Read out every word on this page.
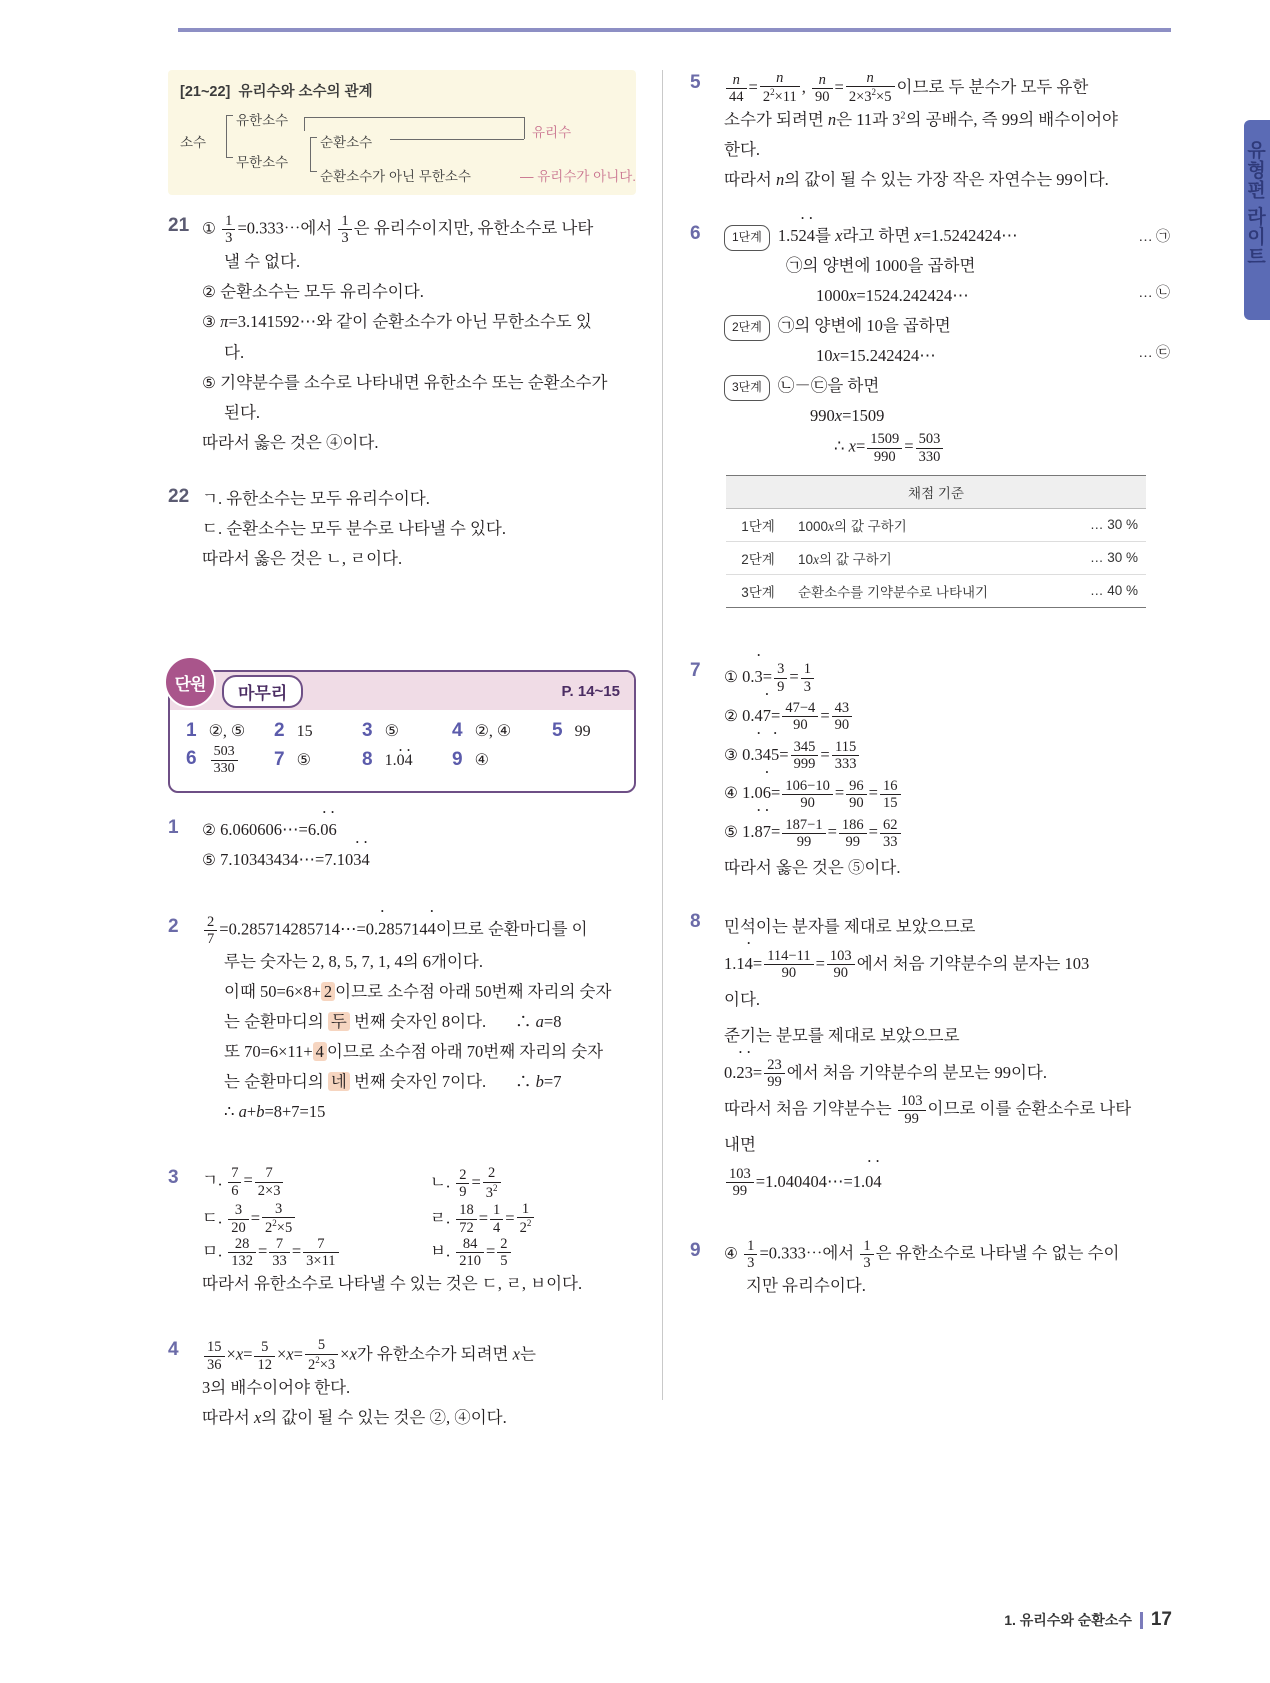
유형편 라이트
[21~22] 유리수와 소수의 관계
소수
유한소수
무한소수
순환소수
유리수
순환소수가 아닌 무한소수	— 유리수가 아니다.
21 ① $\frac{1}{3}$ =0.333⋯에서 $\frac{1}{3}$ 은 유리수이지만, 유한소수로 나타
낼 수 없다.
② 순환소수는 모두 유리수이다.
③ π=3.141592⋯와 같이 순환소수가 아닌 무한소수도 있
다.
⑤ 기약분수를 소수로 나타내면 유한소수 또는 순환소수가
된다.
따라서 옳은 것은 ④이다.
22 ㄱ. 유한소수는 모두 유리수이다.
ㄷ. 순환소수는 모두 분수로 나타낼 수 있다.
따라서 옳은 것은 ㄴ, ㄹ이다.
단원	마무리	P. 14~15
1 ②, ⑤ 2 15	3 ⑤	4 ②, ④ 5 99
$6 \frac{503}{330} 7$ ⑤	8 1.0 •4 • 9 ④
1	② 6.060606⋯=6.0 •6 •
⑤ 7.10343434⋯=7.103 •4 •
2	$\frac{2}{7}$ =0.285714285714⋯=0.2 •857144 •이므로 순환마디를 이
루는 숫자는 2, 8, 5, 7, 1, 4의 6개이다.
이때 50=6×8+ 2 이므로 소수점 아래 50번째 자리의 숫자
는 순환마디의 두 번째 숫자인 8이다.       ∴ a=8
또 70=6×11+ 4 이므로 소수점 아래 70번째 자리의 숫자
는 순환마디의 네 번째 숫자인 7이다.       ∴ b=7
∴ a+b=8+7=15
3	ㄱ. $\frac{7}{6} = \frac{7}{2\times 3}$	ㄴ. $\frac{2}{9} = \frac{2}{3^2}$
ㄷ. $\frac{3}{20} = \frac{3}{2^2\times 5}$	ㄹ. $\frac{18}{72} = \frac{1}{4} = \frac{1}{2^2}$
ㅁ. $\frac{28}{132} = \frac{7}{33} = \frac{7}{3\times 11}$	ㅂ. $\frac{84}{210} = \frac{2}{5}$
따라서 유한소수로 나타낼 수 있는 것은 ㄷ, ㄹ, ㅂ이다.
4	$\frac{15}{36} \times x= \frac{5}{12} \times x= \frac{5}{2^2\times 3} \times x$가 유한소수가 되려면 x는
3의 배수이어야 한다.
따라서 x의 값이 될 수 있는 것은 ②, ④이다.
5	$\frac{n}{44} = \frac{n}{2^2\times 11}$ , $\frac{n}{90} = \frac{n}{2\times 3^2\times 5}$ 이므로 두 분수가 모두 유한
소수가 되려면 n은 11과 $3^2$의 공배수, 즉 99의 배수이어야
한다.
따라서 n의 값이 될 수 있는 가장 작은 자연수는 99이다.
6	1단계 1.52 •4 •를 x라고 하면 x=1.5242424⋯	… ㉠
㉠의 양변에 1000을 곱하면
1000x=1524.242424⋯	… ㉡
2단계 ㉠의 양변에 10을 곱하면
10x=15.242424⋯	… ㉢
3단계 ㉡－㉢을 하면
990x=1509
∴ $x= \frac{1509}{990} = \frac{503}{330}$
채점 기준		
1단계	1000x의 값 구하기	… 30 %
2단계	10x의 값 구하기	… 30 %
3단계	순환소수를 기약분수로 나타내기	… 40 %
7	① 0.3 •= $\frac{3}{9} = \frac{1}{3}$
② 0.47 •= $\frac{47-4}{90} = \frac{43}{90}$
③ 0.3 •45 •= $\frac{345}{999} = \frac{115}{333}$
④ 1.06 •= $\frac{106-10}{90} = \frac{96}{90} = \frac{16}{15}$
⑤ 1.8 •7 •= $\frac{187-1}{99} = \frac{186}{99} = \frac{62}{33}$
따라서 옳은 것은 ⑤이다.
8	민석이는 분자를 제대로 보았으므로
1.14 •= $\frac{114-11}{90} = \frac{103}{90}$ 에서 처음 기약분수의 분자는 103
이다.
준기는 분모를 제대로 보았으므로
0.2 •3 •= $\frac{23}{99}$ 에서 처음 기약분수의 분모는 99이다.
따라서 처음 기약분수는 $\frac{103}{99}$ 이므로 이를 순환소수로 나타
내면
$\frac{103}{99}$ =1.040404⋯=1.0 •4 •
9	④ $\frac{1}{3}$ =0.333⋯에서 $\frac{1}{3}$ 은 유한소수로 나타낼 수 없는 수이
지만 유리수이다.
1. 유리수와 순환소수 17
